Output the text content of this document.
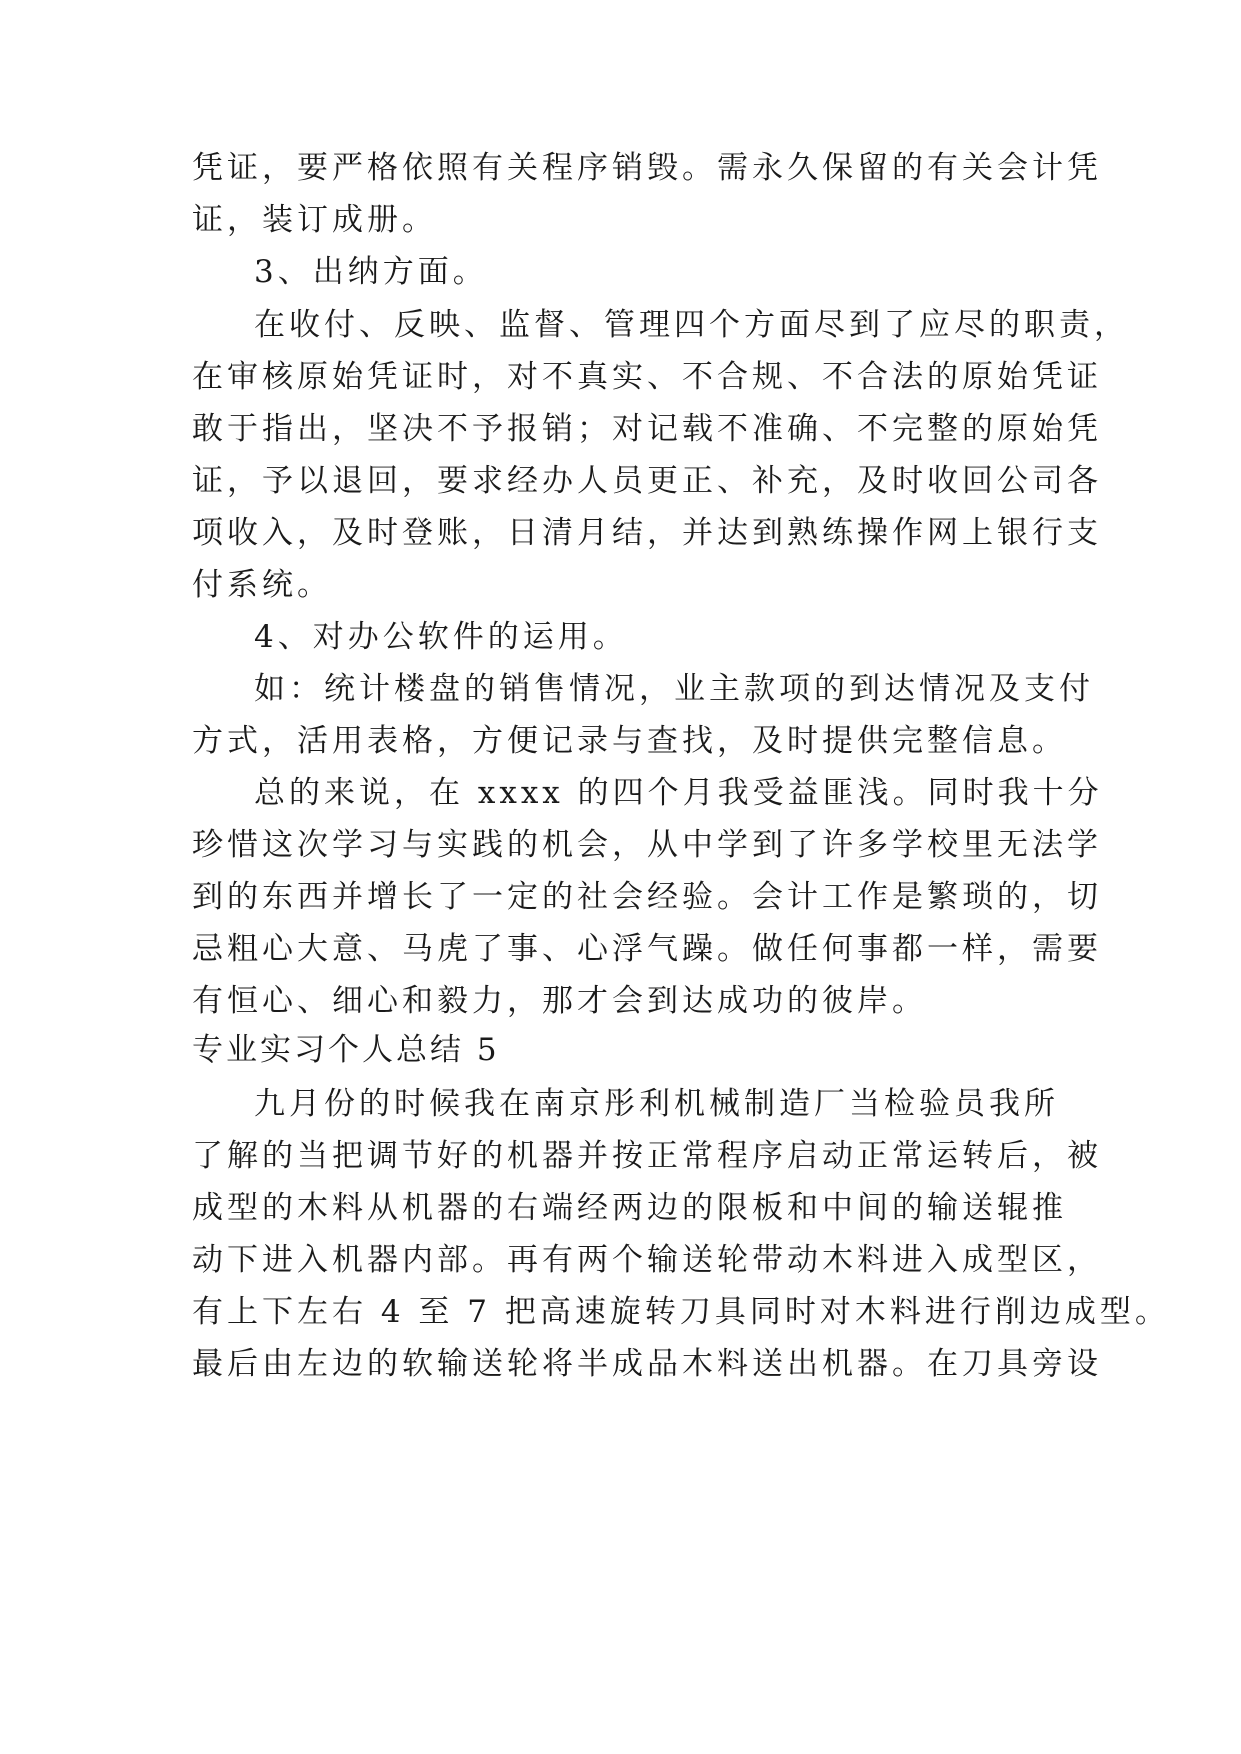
凭证，要严格依照有关程序销毁。需永久保留的有关会计凭
证，装订成册。
3、出纳方面。
在收付、反映、监督、管理四个方面尽到了应尽的职责，
在审核原始凭证时，对不真实、不合规、不合法的原始凭证
敢于指出，坚决不予报销；对记载不准确、不完整的原始凭
证，予以退回，要求经办人员更正、补充，及时收回公司各
项收入，及时登账，日清月结，并达到熟练操作网上银行支
付系统。
4、对办公软件的运用。
如：统计楼盘的销售情况，业主款项的到达情况及支付
方式，活用表格，方便记录与查找，及时提供完整信息。
总的来说，在 xxxx 的四个月我受益匪浅。同时我十分
珍惜这次学习与实践的机会，从中学到了许多学校里无法学
到的东西并增长了一定的社会经验。会计工作是繁琐的，切
忌粗心大意、马虎了事、心浮气躁。做任何事都一样，需要
有恒心、细心和毅力，那才会到达成功的彼岸。
专业实习个人总结 5
九月份的时候我在南京彤利机械制造厂当检验员我所
了解的当把调节好的机器并按正常程序启动正常运转后，被
成型的木料从机器的右端经两边的限板和中间的输送辊推
动下进入机器内部。再有两个输送轮带动木料进入成型区，
有上下左右 4 至 7 把高速旋转刀具同时对木料进行削边成型。
最后由左边的软输送轮将半成品木料送出机器。在刀具旁设
